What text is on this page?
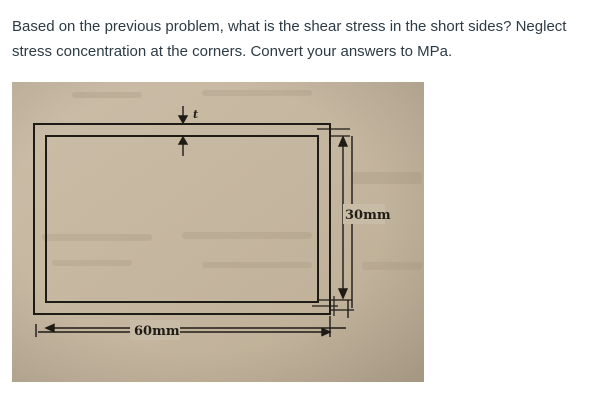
Based on the previous problem, what is the shear stress in the short sides? Neglect stress concentration at the corners. Convert your answers to MPa.
